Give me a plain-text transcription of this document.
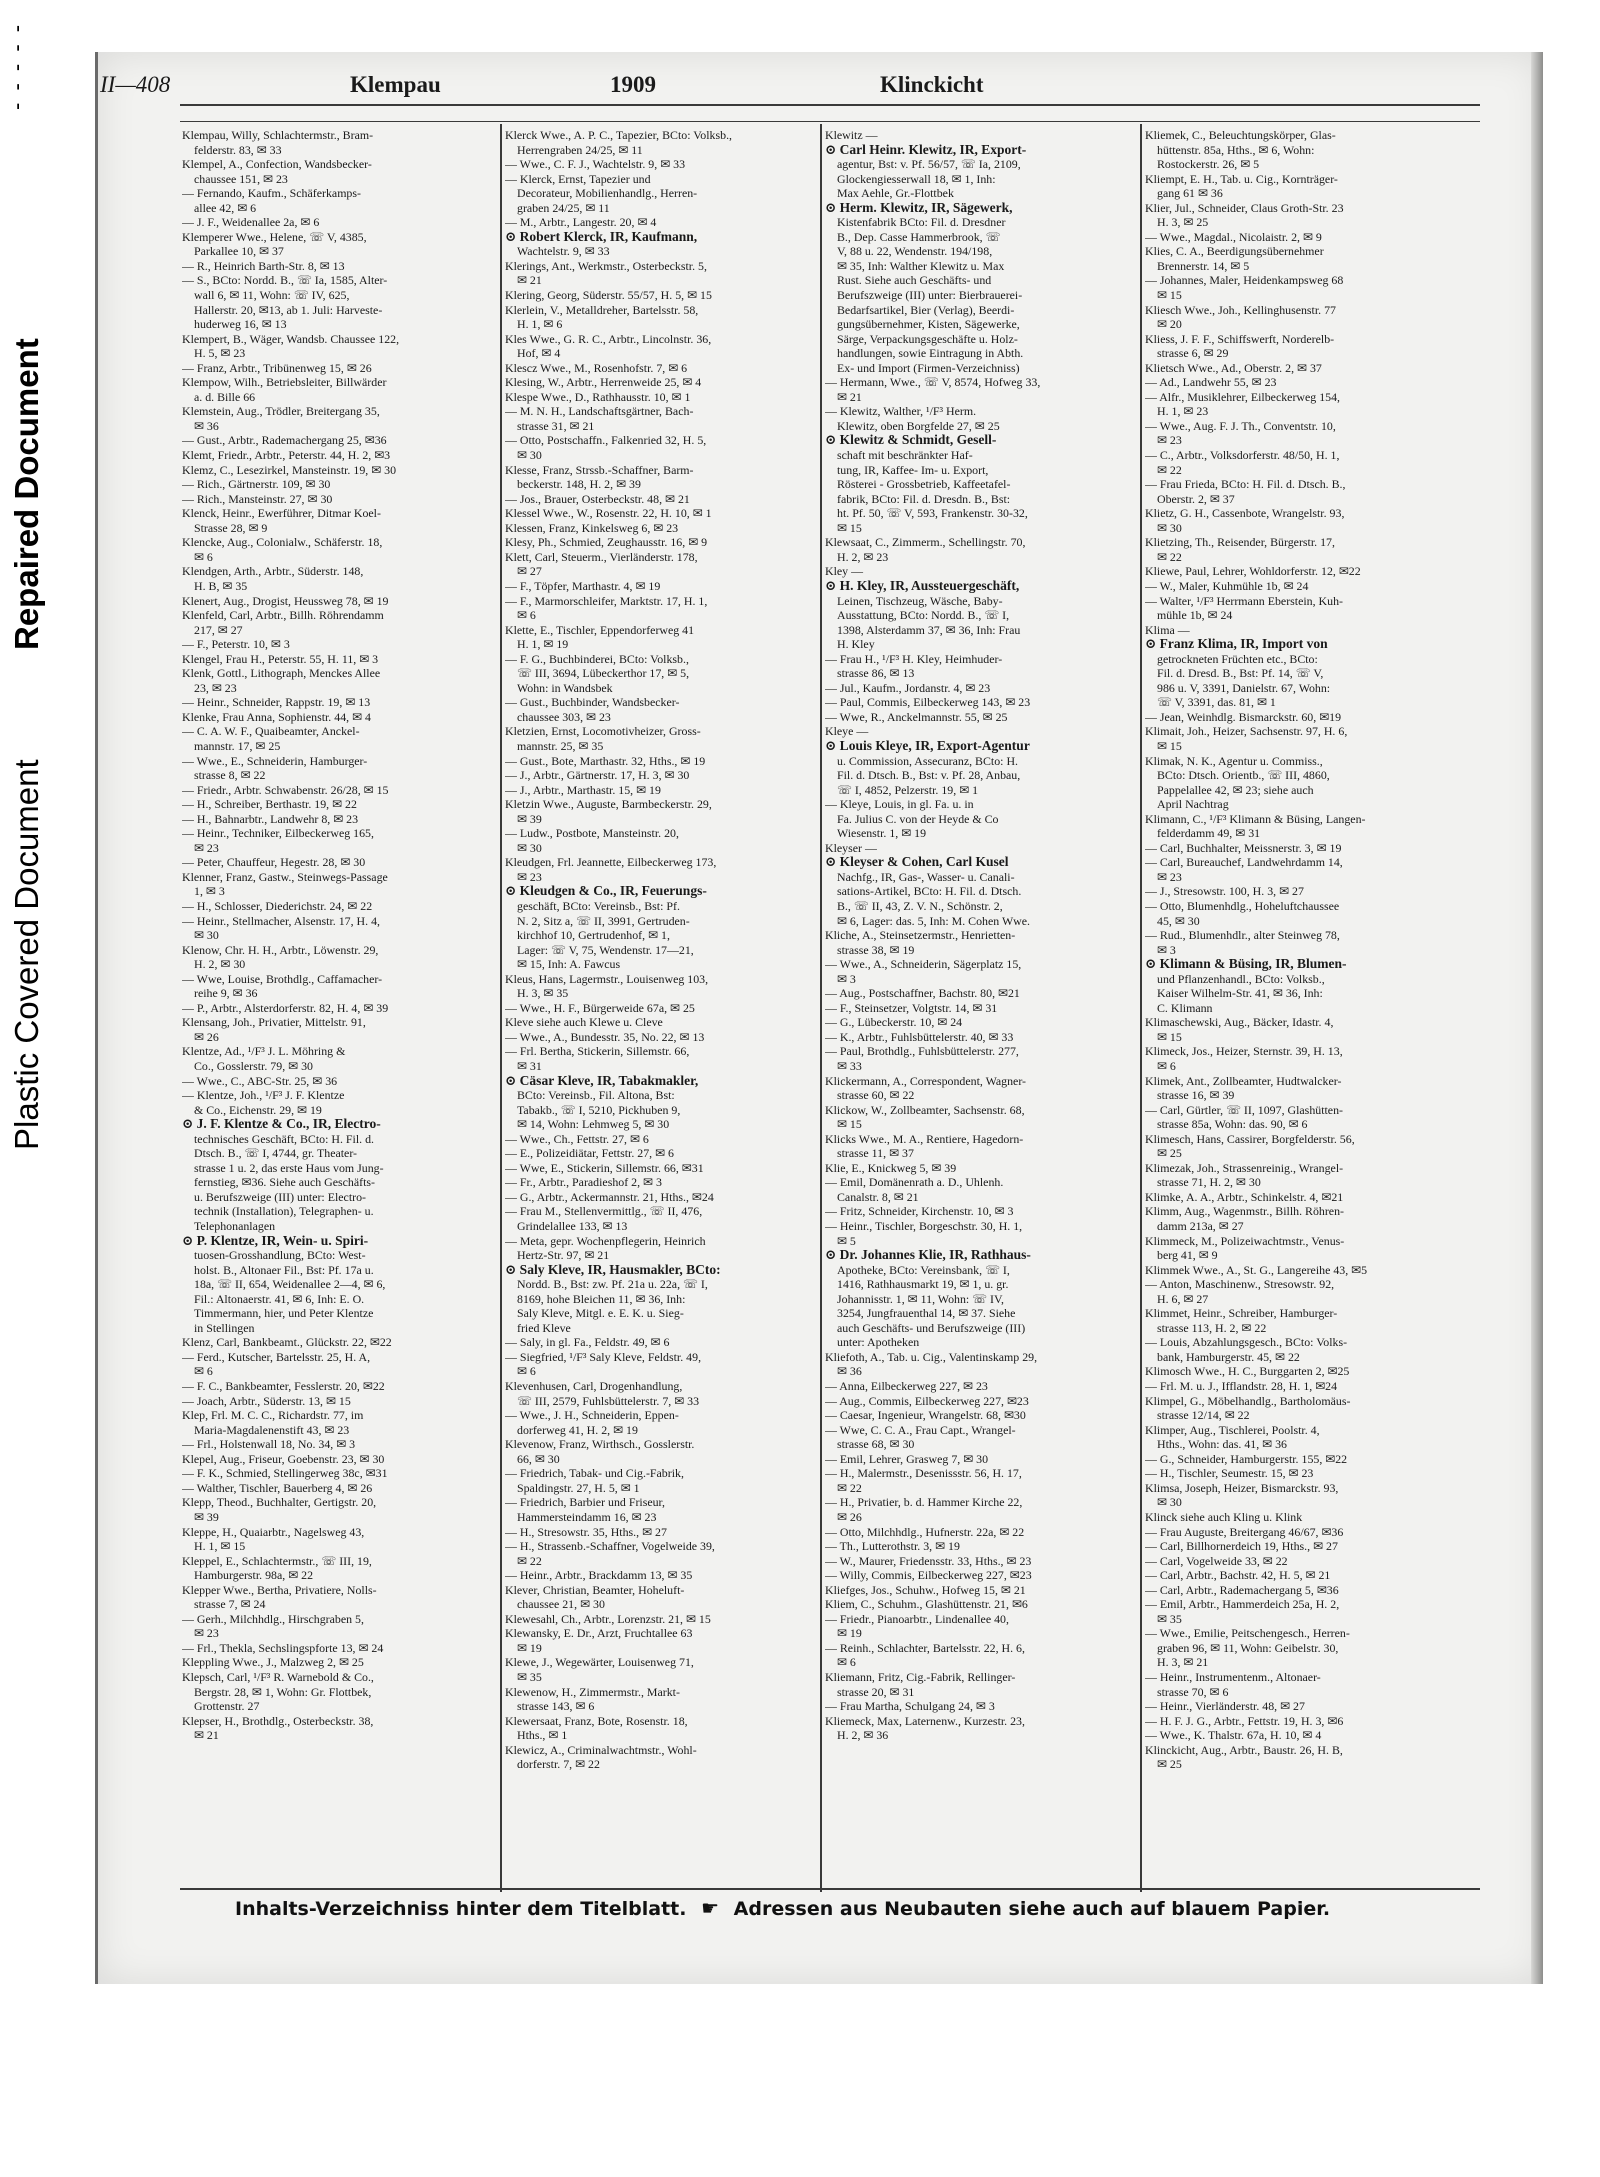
Plastic Covered Document
Repaired Document
- - - - -	II—408	Klempau	1909	Klinckicht
Klempau, Willy, Schlachtermstr., Bram-
felderstr. 83, ✉ 33
Klempel, A., Confection, Wandsbecker-
chaussee 151, ✉ 23
— Fernando, Kaufm., Schäferkamps-
allee 42, ✉ 6
— J. F., Weidenallee 2a, ✉ 6
Klemperer Wwe., Helene, ☏ V, 4385,
Parkallee 10, ✉ 37
— R., Heinrich Barth-Str. 8, ✉ 13
— S., BCto: Nordd. B., ☏ Ia, 1585, Alter-
wall 6, ✉ 11, Wohn: ☏ IV, 625,
Hallerstr. 20, ✉13, ab 1. Juli: Harveste-
huderweg 16, ✉ 13
Klempert, B., Wäger, Wandsb. Chaussee 122,
H. 5, ✉ 23
— Franz, Arbtr., Tribünenweg 15, ✉ 26
Klempow, Wilh., Betriebsleiter, Billwärder
a. d. Bille 66
Klemstein, Aug., Trödler, Breitergang 35,
✉ 36
— Gust., Arbtr., Rademachergang 25, ✉36
Klemt, Friedr., Arbtr., Peterstr. 44, H. 2, ✉3
Klemz, C., Lesezirkel, Mansteinstr. 19, ✉ 30
— Rich., Gärtnerstr. 109, ✉ 30
— Rich., Mansteinstr. 27, ✉ 30
Klenck, Heinr., Ewerführer, Ditmar Koel-
Strasse 28, ✉ 9
Klencke, Aug., Colonialw., Schäferstr. 18,
✉ 6
Klendgen, Arth., Arbtr., Süderstr. 148,
H. B, ✉ 35
Klenert, Aug., Drogist, Heussweg 78, ✉ 19
Klenfeld, Carl, Arbtr., Billh. Röhrendamm
217, ✉ 27
— F., Peterstr. 10, ✉ 3
Klengel, Frau H., Peterstr. 55, H. 11, ✉ 3
Klenk, Gottl., Lithograph, Menckes Allee
23, ✉ 23
— Heinr., Schneider, Rappstr. 19, ✉ 13
Klenke, Frau Anna, Sophienstr. 44, ✉ 4
— C. A. W. F., Quaibeamter, Anckel-
mannstr. 17, ✉ 25
— Wwe., E., Schneiderin, Hamburger-
strasse 8, ✉ 22
— Friedr., Arbtr. Schwabenstr. 26/28, ✉ 15
— H., Schreiber, Berthastr. 19, ✉ 22
— H., Bahnarbtr., Landwehr 8, ✉ 23
— Heinr., Techniker, Eilbeckerweg 165,
✉ 23
— Peter, Chauffeur, Hegestr. 28, ✉ 30
Klenner, Franz, Gastw., Steinwegs-Passage
1, ✉ 3
— H., Schlosser, Diederichstr. 24, ✉ 22
— Heinr., Stellmacher, Alsenstr. 17, H. 4,
✉ 30
Klenow, Chr. H. H., Arbtr., Löwenstr. 29,
H. 2, ✉ 30
— Wwe, Louise, Brothdlg., Caffamacher-
reihe 9, ✉ 36
— P., Arbtr., Alsterdorferstr. 82, H. 4, ✉ 39
Klensang, Joh., Privatier, Mittelstr. 91,
✉ 26
Klentze, Ad., ¹/F³ J. L. Möhring &
Co., Gosslerstr. 79, ✉ 30
— Wwe., C., ABC-Str. 25, ✉ 36
— Klentze, Joh., ¹/F³ J. F. Klentze
& Co., Eichenstr. 29, ✉ 19
⊙ J. F. Klentze & Co., IR, Electro-
technisches Geschäft, BCto: H. Fil. d.
Dtsch. B., ☏ I, 4744, gr. Theater-
strasse 1 u. 2, das erste Haus vom Jung-
fernstieg, ✉36. Siehe auch Geschäfts-
u. Berufszweige (III) unter: Electro-
technik (Installation), Telegraphen- u.
Telephonanlagen
⊙ P. Klentze, IR, Wein- u. Spiri-
tuosen-Grosshandlung, BCto: West-
holst. B., Altonaer Fil., Bst: Pf. 17a u.
18a, ☏ II, 654, Weidenallee 2—4, ✉ 6,
Fil.: Altonaerstr. 41, ✉ 6, Inh: E. O.
Timmermann, hier, und Peter Klentze
in Stellingen
Klenz, Carl, Bankbeamt., Glückstr. 22, ✉22
— Ferd., Kutscher, Bartelsstr. 25, H. A,
✉ 6
— F. C., Bankbeamter, Fesslerstr. 20, ✉22
— Joach, Arbtr., Süderstr. 13, ✉ 15
Klep, Frl. M. C. C., Richardstr. 77, im
Maria-Magdalenenstift 43, ✉ 23
— Frl., Holstenwall 18, No. 34, ✉ 3
Klepel, Aug., Friseur, Goebenstr. 23, ✉ 30
— F. K., Schmied, Stellingerweg 38c, ✉31
— Walther, Tischler, Bauerberg 4, ✉ 26
Klepp, Theod., Buchhalter, Gertigstr. 20,
✉ 39
Kleppe, H., Quaiarbtr., Nagelsweg 43,
H. 1, ✉ 15
Kleppel, E., Schlachtermstr., ☏ III, 19,
Hamburgerstr. 98a, ✉ 22
Klepper Wwe., Bertha, Privatiere, Nolls-
strasse 7, ✉ 24
— Gerh., Milchhdlg., Hirschgraben 5,
✉ 23
— Frl., Thekla, Sechslingspforte 13, ✉ 24
Kleppling Wwe., J., Malzweg 2, ✉ 25
Klepsch, Carl, ¹/F³ R. Warnebold & Co.,
Bergstr. 28, ✉ 1, Wohn: Gr. Flottbek,
Grottenstr. 27
Klepser, H., Brothdlg., Osterbeckstr. 38,
✉ 21
Klerck Wwe., A. P. C., Tapezier, BCto: Volksb.,
Herrengraben 24/25, ✉ 11
— Wwe., C. F. J., Wachtelstr. 9, ✉ 33
— Klerck, Ernst, Tapezier und
Decorateur, Mobilienhandlg., Herren-
graben 24/25, ✉ 11
— M., Arbtr., Langestr. 20, ✉ 4
⊙ Robert Klerck, IR, Kaufmann,
Wachtelstr. 9, ✉ 33
Klerings, Ant., Werkmstr., Osterbeckstr. 5,
✉ 21
Klering, Georg, Süderstr. 55/57, H. 5, ✉ 15
Klerlein, V., Metalldreher, Bartelsstr. 58,
H. 1, ✉ 6
Kles Wwe., G. R. C., Arbtr., Lincolnstr. 36,
Hof, ✉ 4
Klescz Wwe., M., Rosenhofstr. 7, ✉ 6
Klesing, W., Arbtr., Herrenweide 25, ✉ 4
Klespe Wwe., D., Rathhausstr. 10, ✉ 1
— M. N. H., Landschaftsgärtner, Bach-
strasse 31, ✉ 21
— Otto, Postschaffn., Falkenried 32, H. 5,
✉ 30
Klesse, Franz, Strssb.-Schaffner, Barm-
beckerstr. 148, H. 2, ✉ 39
— Jos., Brauer, Osterbeckstr. 48, ✉ 21
Klessel Wwe., W., Rosenstr. 22, H. 10, ✉ 1
Klessen, Franz, Kinkelsweg 6, ✉ 23
Klesy, Ph., Schmied, Zeughausstr. 16, ✉ 9
Klett, Carl, Steuerm., Vierländerstr. 178,
✉ 27
— F., Töpfer, Marthastr. 4, ✉ 19
— F., Marmorschleifer, Marktstr. 17, H. 1,
✉ 6
Klette, E., Tischler, Eppendorferweg 41
H. 1, ✉ 19
— F. G., Buchbinderei, BCto: Volksb.,
☏ III, 3694, Lübeckerthor 17, ✉ 5,
Wohn: in Wandsbek
— Gust., Buchbinder, Wandsbecker-
chaussee 303, ✉ 23
Kletzien, Ernst, Locomotivheizer, Gross-
mannstr. 25, ✉ 35
— Gust., Bote, Marthastr. 32, Hths., ✉ 19
— J., Arbtr., Gärtnerstr. 17, H. 3, ✉ 30
— J., Arbtr., Marthastr. 15, ✉ 19
Kletzin Wwe., Auguste, Barmbeckerstr. 29,
✉ 39
— Ludw., Postbote, Mansteinstr. 20,
✉ 30
Kleudgen, Frl. Jeannette, Eilbeckerweg 173,
✉ 23
⊙ Kleudgen & Co., IR, Feuerungs-
geschäft, BCto: Vereinsb., Bst: Pf.
N. 2, Sitz a, ☏ II, 3991, Gertruden-
kirchhof 10, Gertrudenhof, ✉ 1,
Lager: ☏ V, 75, Wendenstr. 17—21,
✉ 15, Inh: A. Fawcus
Kleus, Hans, Lagermstr., Louisenweg 103,
H. 3, ✉ 35
— Wwe., H. F., Bürgerweide 67a, ✉ 25
Kleve siehe auch Klewe u. Cleve
— Wwe., A., Bundesstr. 35, No. 22, ✉ 13
— Frl. Bertha, Stickerin, Sillemstr. 66,
✉ 31
⊙ Cäsar Kleve, IR, Tabakmakler,
BCto: Vereinsb., Fil. Altona, Bst:
Tabakb., ☏ I, 5210, Pickhuben 9,
✉ 14, Wohn: Lehmweg 5, ✉ 30
— Wwe., Ch., Fettstr. 27, ✉ 6
— E., Polizeidiätar, Fettstr. 27, ✉ 6
— Wwe, E., Stickerin, Sillemstr. 66, ✉31
— Fr., Arbtr., Paradieshof 2, ✉ 3
— G., Arbtr., Ackermannstr. 21, Hths., ✉24
— Frau M., Stellenvermittlg., ☏ II, 476,
Grindelallee 133, ✉ 13
— Meta, gepr. Wochenpflegerin, Heinrich
Hertz-Str. 97, ✉ 21
⊙ Saly Kleve, IR, Hausmakler, BCto:
Nordd. B., Bst: zw. Pf. 21a u. 22a, ☏ I,
8169, hohe Bleichen 11, ✉ 36, Inh:
Saly Kleve, Mitgl. e. E. K. u. Sieg-
fried Kleve
— Saly, in gl. Fa., Feldstr. 49, ✉ 6
— Siegfried, ¹/F³ Saly Kleve, Feldstr. 49,
✉ 6
Klevenhusen, Carl, Drogenhandlung,
☏ III, 2579, Fuhlsbüttelerstr. 7, ✉ 33
— Wwe., J. H., Schneiderin, Eppen-
dorferweg 41, H. 2, ✉ 19
Klevenow, Franz, Wirthsch., Gosslerstr.
66, ✉ 30
— Friedrich, Tabak- und Cig.-Fabrik,
Spaldingstr. 27, H. 5, ✉ 1
— Friedrich, Barbier und Friseur,
Hammersteindamm 16, ✉ 23
— H., Stresowstr. 35, Hths., ✉ 27
— H., Strassenb.-Schaffner, Vogelweide 39,
✉ 22
— Heinr., Arbtr., Brackdamm 13, ✉ 35
Klever, Christian, Beamter, Hoheluft-
chaussee 21, ✉ 30
Klewesahl, Ch., Arbtr., Lorenzstr. 21, ✉ 15
Klewansky, E. Dr., Arzt, Fruchtallee 63
✉ 19
Klewe, J., Wegewärter, Louisenweg 71,
✉ 35
Klewenow, H., Zimmermstr., Markt-
strasse 143, ✉ 6
Klewersaat, Franz, Bote, Rosenstr. 18,
Hths., ✉ 1
Klewicz, A., Criminalwachtmstr., Wohl-
dorferstr. 7, ✉ 22
Klewitz —
⊙ Carl Heinr. Klewitz, IR, Export-
agentur, Bst: v. Pf. 56/57, ☏ Ia, 2109,
Glockengiesserwall 18, ✉ 1, Inh:
Max Aehle, Gr.-Flottbek
⊙ Herm. Klewitz, IR, Sägewerk,
Kistenfabrik BCto: Fil. d. Dresdner
B., Dep. Casse Hammerbrook, ☏
V, 88 u. 22, Wendenstr. 194/198,
✉ 35, Inh: Walther Klewitz u. Max
Rust. Siehe auch Geschäfts- und
Berufszweige (III) unter: Bierbrauerei-
Bedarfsartikel, Bier (Verlag), Beerdi-
gungsübernehmer, Kisten, Sägewerke,
Särge, Verpackungsgeschäfte u. Holz-
handlungen, sowie Eintragung in Abth.
Ex- und Import (Firmen-Verzeichniss)
— Hermann, Wwe., ☏ V, 8574, Hofweg 33,
✉ 21
— Klewitz, Walther, ¹/F³ Herm.
Klewitz, oben Borgfelde 27, ✉ 25
⊙ Klewitz & Schmidt, Gesell-
schaft mit beschränkter Haf-
tung, IR, Kaffee- Im- u. Export,
Rösterei - Grossbetrieb, Kaffeetafel-
fabrik, BCto: Fil. d. Dresdn. B., Bst:
ht. Pf. 50, ☏ V, 593, Frankenstr. 30-32,
✉ 15
Klewsaat, C., Zimmerm., Schellingstr. 70,
H. 2, ✉ 23
Kley —
⊙ H. Kley, IR, Aussteuergeschäft,
Leinen, Tischzeug, Wäsche, Baby-
Ausstattung, BCto: Nordd. B., ☏ I,
1398, Alsterdamm 37, ✉ 36, Inh: Frau
H. Kley
— Frau H., ¹/F³ H. Kley, Heimhuder-
strasse 86, ✉ 13
— Jul., Kaufm., Jordanstr. 4, ✉ 23
— Paul, Commis, Eilbeckerweg 143, ✉ 23
— Wwe, R., Anckelmannstr. 55, ✉ 25
Kleye —
⊙ Louis Kleye, IR, Export-Agentur
u. Commission, Assecuranz, BCto: H.
Fil. d. Dtsch. B., Bst: v. Pf. 28, Anbau,
☏ I, 4852, Pelzerstr. 19, ✉ 1
— Kleye, Louis, in gl. Fa. u. in
Fa. Julius C. von der Heyde & Co
Wiesenstr. 1, ✉ 19
Kleyser —
⊙ Kleyser & Cohen, Carl Kusel
Nachfg., IR, Gas-, Wasser- u. Canali-
sations-Artikel, BCto: H. Fil. d. Dtsch.
B., ☏ II, 43, Z. V. N., Schönstr. 2,
✉ 6, Lager: das. 5, Inh: M. Cohen Wwe.
Kliche, A., Steinsetzermstr., Henrietten-
strasse 38, ✉ 19
— Wwe., A., Schneiderin, Sägerplatz 15,
✉ 3
— Aug., Postschaffner, Bachstr. 80, ✉21
— F., Steinsetzer, Volgtstr. 14, ✉ 31
— G., Lübeckerstr. 10, ✉ 24
— K., Arbtr., Fuhlsbüttelerstr. 40, ✉ 33
— Paul, Brothdlg., Fuhlsbüttelerstr. 277,
✉ 33
Klickermann, A., Correspondent, Wagner-
strasse 60, ✉ 22
Klickow, W., Zollbeamter, Sachsenstr. 68,
✉ 15
Klicks Wwe., M. A., Rentiere, Hagedorn-
strasse 11, ✉ 37
Klie, E., Knickweg 5, ✉ 39
— Emil, Domänenrath a. D., Uhlenh.
Canalstr. 8, ✉ 21
— Fritz, Schneider, Kirchenstr. 10, ✉ 3
— Heinr., Tischler, Borgeschstr. 30, H. 1,
✉ 5
⊙ Dr. Johannes Klie, IR, Rathhaus-
Apotheke, BCto: Vereinsbank, ☏ I,
1416, Rathhausmarkt 19, ✉ 1, u. gr.
Johannisstr. 1, ✉ 11, Wohn: ☏ IV,
3254, Jungfrauenthal 14, ✉ 37. Siehe
auch Geschäfts- und Berufszweige (III)
unter: Apotheken
Kliefoth, A., Tab. u. Cig., Valentinskamp 29,
✉ 36
— Anna, Eilbeckerweg 227, ✉ 23
— Aug., Commis, Eilbeckerweg 227, ✉23
— Caesar, Ingenieur, Wrangelstr. 68, ✉30
— Wwe, C. C. A., Frau Capt., Wrangel-
strasse 68, ✉ 30
— Emil, Lehrer, Grasweg 7, ✉ 30
— H., Malermstr., Desenissstr. 56, H. 17,
✉ 22
— H., Privatier, b. d. Hammer Kirche 22,
✉ 26
— Otto, Milchhdlg., Hufnerstr. 22a, ✉ 22
— Th., Lutterothstr. 3, ✉ 19
— W., Maurer, Friedensstr. 33, Hths., ✉ 23
— Willy, Commis, Eilbeckerweg 227, ✉23
Kliefges, Jos., Schuhw., Hofweg 15, ✉ 21
Kliem, C., Schuhm., Glashüttenstr. 21, ✉6
— Friedr., Pianoarbtr., Lindenallee 40,
✉ 19
— Reinh., Schlachter, Bartelsstr. 22, H. 6,
✉ 6
Kliemann, Fritz, Cig.-Fabrik, Rellinger-
strasse 20, ✉ 31
— Frau Martha, Schulgang 24, ✉ 3
Kliemeck, Max, Laternenw., Kurzestr. 23,
H. 2, ✉ 36
Kliemek, C., Beleuchtungskörper, Glas-
hüttenstr. 85a, Hths., ✉ 6, Wohn:
Rostockerstr. 26, ✉ 5
Kliempt, E. H., Tab. u. Cig., Kornträger-
gang 61 ✉ 36
Klier, Jul., Schneider, Claus Groth-Str. 23
H. 3, ✉ 25
— Wwe., Magdal., Nicolaistr. 2, ✉ 9
Klies, C. A., Beerdigungsübernehmer
Brennerstr. 14, ✉ 5
— Johannes, Maler, Heidenkampsweg 68
✉ 15
Kliesch Wwe., Joh., Kellinghusenstr. 77
✉ 20
Kliess, J. F. F., Schiffswerft, Norderelb-
strasse 6, ✉ 29
Klietsch Wwe., Ad., Oberstr. 2, ✉ 37
— Ad., Landwehr 55, ✉ 23
— Alfr., Musiklehrer, Eilbeckerweg 154,
H. 1, ✉ 23
— Wwe., Aug. F. J. Th., Conventstr. 10,
✉ 23
— C., Arbtr., Volksdorferstr. 48/50, H. 1,
✉ 22
— Frau Frieda, BCto: H. Fil. d. Dtsch. B.,
Oberstr. 2, ✉ 37
Klietz, G. H., Cassenbote, Wrangelstr. 93,
✉ 30
Klietzing, Th., Reisender, Bürgerstr. 17,
✉ 22
Kliewe, Paul, Lehrer, Wohldorferstr. 12, ✉22
— W., Maler, Kuhmühle 1b, ✉ 24
— Walter, ¹/F³ Herrmann Eberstein, Kuh-
mühle 1b, ✉ 24
Klima —
⊙ Franz Klima, IR, Import von
getrockneten Früchten etc., BCto:
Fil. d. Dresd. B., Bst: Pf. 14, ☏ V,
986 u. V, 3391, Danielstr. 67, Wohn:
☏ V, 3391, das. 81, ✉ 1
— Jean, Weinhdlg. Bismarckstr. 60, ✉19
Klimait, Joh., Heizer, Sachsenstr. 97, H. 6,
✉ 15
Klimak, N. K., Agentur u. Commiss.,
BCto: Dtsch. Orientb., ☏ III, 4860,
Pappelallee 42, ✉ 23; siehe auch
April Nachtrag
Klimann, C., ¹/F³ Klimann & Büsing, Langen-
felderdamm 49, ✉ 31
— Carl, Buchhalter, Meissnerstr. 3, ✉ 19
— Carl, Bureauchef, Landwehrdamm 14,
✉ 23
— J., Stresowstr. 100, H. 3, ✉ 27
— Otto, Blumenhdlg., Hoheluftchaussee
45, ✉ 30
— Rud., Blumenhdlr., alter Steinweg 78,
✉ 3
⊙ Klimann & Büsing, IR, Blumen-
und Pflanzenhandl., BCto: Volksb.,
Kaiser Wilhelm-Str. 41, ✉ 36, Inh:
C. Klimann
Klimaschewski, Aug., Bäcker, Idastr. 4,
✉ 15
Klimeck, Jos., Heizer, Sternstr. 39, H. 13,
✉ 6
Klimek, Ant., Zollbeamter, Hudtwalcker-
strasse 16, ✉ 39
— Carl, Gürtler, ☏ II, 1097, Glashütten-
strasse 85a, Wohn: das. 90, ✉ 6
Klimesch, Hans, Cassirer, Borgfelderstr. 56,
✉ 25
Klimezak, Joh., Strassenreinig., Wrangel-
strasse 71, H. 2, ✉ 30
Klimke, A. A., Arbtr., Schinkelstr. 4, ✉21
Klimm, Aug., Wagenmstr., Billh. Röhren-
damm 213a, ✉ 27
Klimmeck, M., Polizeiwachtmstr., Venus-
berg 41, ✉ 9
Klimmek Wwe., A., St. G., Langereihe 43, ✉5
— Anton, Maschinenw., Stresowstr. 92,
H. 6, ✉ 27
Klimmet, Heinr., Schreiber, Hamburger-
strasse 113, H. 2, ✉ 22
— Louis, Abzahlungsgesch., BCto: Volks-
bank, Hamburgerstr. 45, ✉ 22
Klimosch Wwe., H. C., Burggarten 2, ✉25
— Frl. M. u. J., Ifflandstr. 28, H. 1, ✉24
Klimpel, G., Möbelhandlg., Bartholomäus-
strasse 12/14, ✉ 22
Klimper, Aug., Tischlerei, Poolstr. 4,
Hths., Wohn: das. 41, ✉ 36
— G., Schneider, Hamburgerstr. 155, ✉22
— H., Tischler, Seumestr. 15, ✉ 23
Klimsa, Joseph, Heizer, Bismarckstr. 93,
✉ 30
Klinck siehe auch Kling u. Klink
— Frau Auguste, Breitergang 46/67, ✉36
— Carl, Billhornerdeich 19, Hths., ✉ 27
— Carl, Vogelweide 33, ✉ 22
— Carl, Arbtr., Bachstr. 42, H. 5, ✉ 21
— Carl, Arbtr., Rademachergang 5, ✉36
— Emil, Arbtr., Hammerdeich 25a, H. 2,
✉ 35
— Wwe., Emilie, Peitschengesch., Herren-
graben 96, ✉ 11, Wohn: Geibelstr. 30,
H. 3, ✉ 21
— Heinr., Instrumentenm., Altonaer-
strasse 70, ✉ 6
— Heinr., Vierländerstr. 48, ✉ 27
— H. F. J. G., Arbtr., Fettstr. 19, H. 3, ✉6
— Wwe., K. Thalstr. 67a, H. 10, ✉ 4
Klinckicht, Aug., Arbtr., Baustr. 26, H. B,
✉ 25
Inhalts-Verzeichniss hinter dem Titelblatt. ☛ Adressen aus Neubauten siehe auch auf blauem Papier.
